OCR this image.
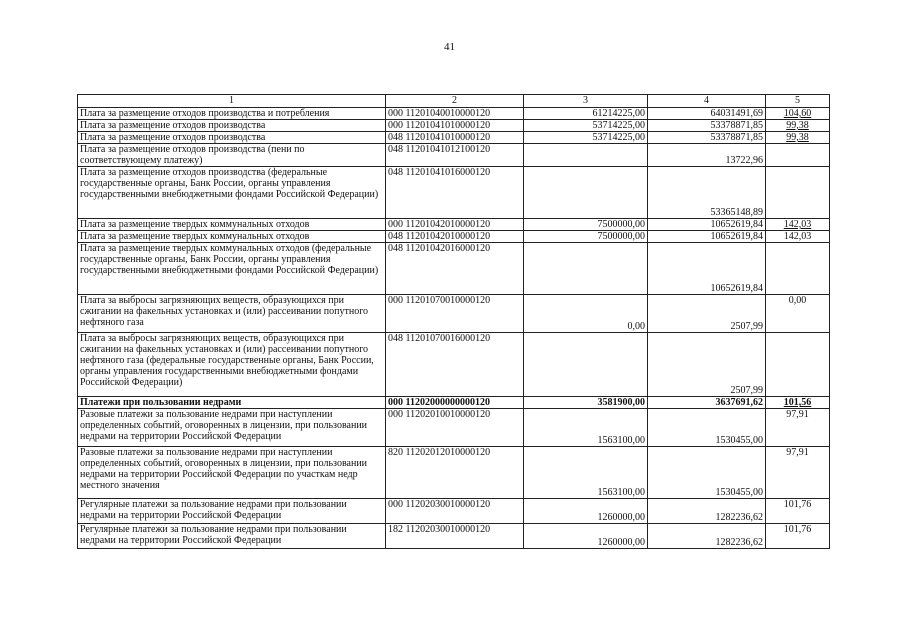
41
1	2	3	4	5
Плата за размещение отходов производства и потребления	000 11201040010000120	61214225,00	64031491,69	104,60
Плата за размещение отходов производства	000 11201041010000120	53714225,00	53378871,85	99,38
Плата за размещение отходов производства	048 11201041010000120	53714225,00	53378871,85	99,38
Плата за размещение отходов производства (пени по соответствующему платежу)	048 11201041012100120		13722,96	
Плата за размещение отходов производства (федеральные государственные органы, Банк России, органы управления государственными внебюджетными фондами Российской Федерации)	048 11201041016000120		53365148,89	
Плата за размещение твердых коммунальных отходов	000 11201042010000120	7500000,00	10652619,84	142,03
Плата за размещение твердых коммунальных отходов	048 11201042010000120	7500000,00	10652619,84	142,03
Плата за размещение твердых коммунальных отходов (федеральные государственные органы, Банк России, органы управления государственными внебюджетными фондами Российской Федерации)	048 11201042016000120		10652619,84	
Плата за выбросы загрязняющих веществ, образующихся при сжигании на факельных установках и (или) рассеивании попутного нефтяного газа	000 11201070010000120	0,00	2507,99	0,00
Плата за выбросы загрязняющих веществ, образующихся при сжигании на факельных установках и (или) рассеивании попутного нефтяного газа (федеральные государственные органы, Банк России, органы управления государственными внебюджетными фондами Российской Федерации)	048 11201070016000120		2507,99	
Платежи при пользовании недрами	000 11202000000000120	3581900,00	3637691,62	101,56
Разовые платежи за пользование недрами при наступлении определенных событий, оговоренных в лицензии, при пользовании недрами на территории Российской Федерации	000 11202010010000120	1563100,00	1530455,00	97,91
Разовые платежи за пользование недрами при наступлении определенных событий, оговоренных в лицензии, при пользовании недрами на территории Российской Федерации по участкам недр местного значения	820 11202012010000120	1563100,00	1530455,00	97,91
Регулярные платежи за пользование недрами при пользовании недрами на территории Российской Федерации	000 11202030010000120	1260000,00	1282236,62	101,76
Регулярные платежи за пользование недрами при пользовании недрами на территории Российской Федерации	182 11202030010000120	1260000,00	1282236,62	101,76
